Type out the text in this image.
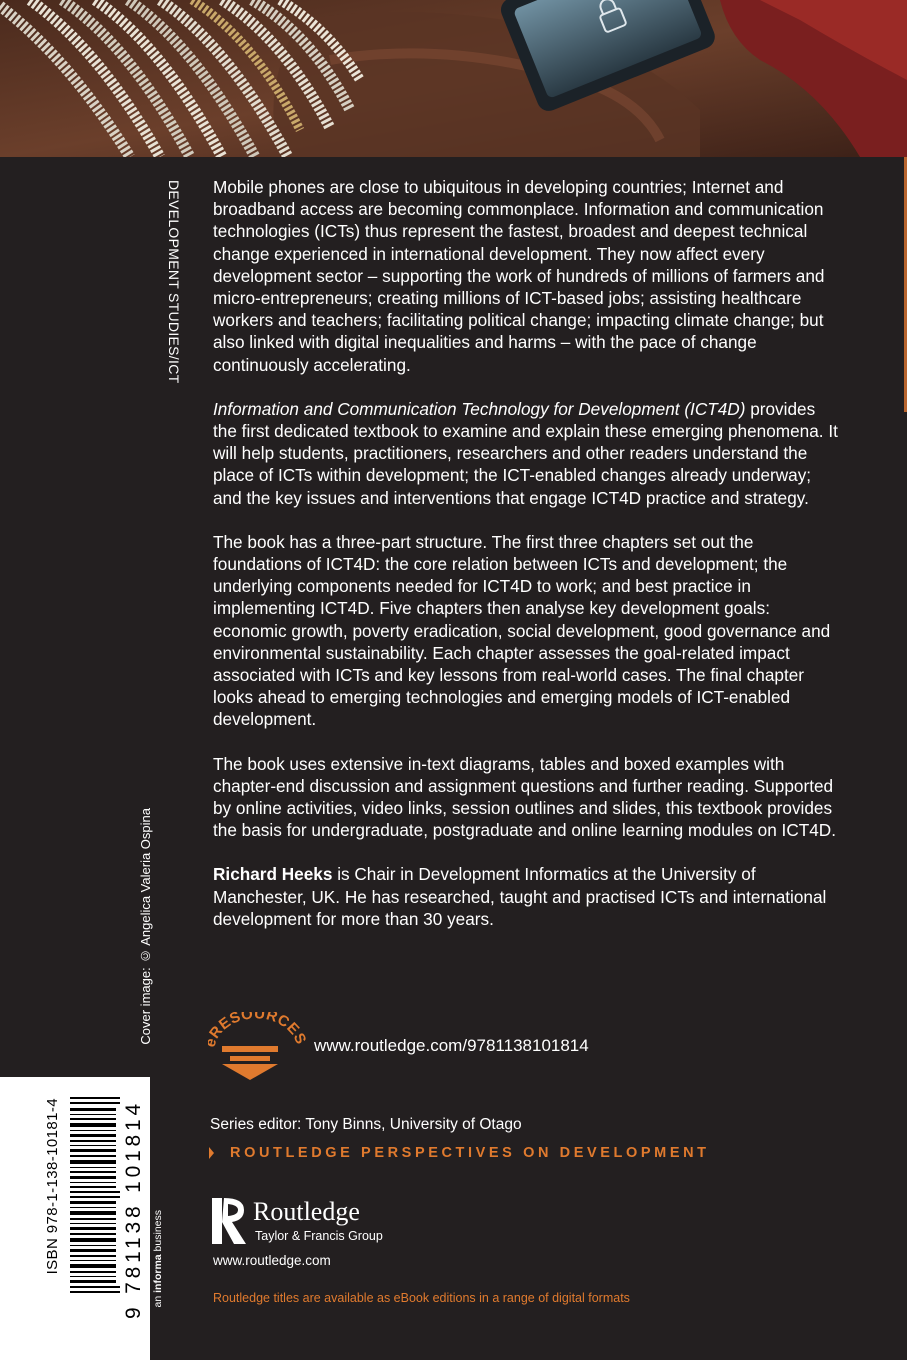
DEVELOPMENT STUDIES/ICT
Cover image: © Angelica Valeria Ospina

Mobile phones are close to ubiquitous in developing countries; Internet and broadband access are becoming commonplace. Information and communication technologies (ICTs) thus represent the fastest, broadest and deepest technical change experienced in international development. They now affect every development sector – supporting the work of hundreds of millions of farmers and micro-entrepreneurs; creating millions of ICT-based jobs; assisting healthcare workers and teachers; facilitating political change; impacting climate change; but also linked with digital inequalities and harms – with the pace of change continuously accelerating.

Information and Communication Technology for Development (ICT4D) provides the first dedicated textbook to examine and explain these emerging phenomena. It will help students, practitioners, researchers and other readers understand the place of ICTs within development; the ICT-enabled changes already underway; and the key issues and interventions that engage ICT4D practice and strategy.

The book has a three-part structure. The first three chapters set out the foundations of ICT4D: the core relation between ICTs and development; the underlying components needed for ICT4D to work; and best practice in implementing ICT4D. Five chapters then analyse key development goals: economic growth, poverty eradication, social development, good governance and environmental sustainability. Each chapter assesses the goal-related impact associated with ICTs and key lessons from real-world cases. The final chapter looks ahead to emerging technologies and emerging models of ICT-enabled development.

The book uses extensive in-text diagrams, tables and boxed examples with chapter-end discussion and assignment questions and further reading. Supported by online activities, video links, session outlines and slides, this textbook provides the basis for undergraduate, postgraduate and online learning modules on ICT4D.

Richard Heeks is Chair in Development Informatics at the University of Manchester, UK. He has researched, taught and practised ICTs and international development for more than 30 years.

RESOURCES www.routledge.com/9781138101814
Series editor: Tony Binns, University of Otago
ROUTLEDGE PERSPECTIVES ON DEVELOPMENT
Routledge
Taylor & Francis Group
www.routledge.com
Routledge titles are available as eBook editions in a range of digital formats
ISBN 978-1-138-10181-4	9 781138 101814 an informa business
